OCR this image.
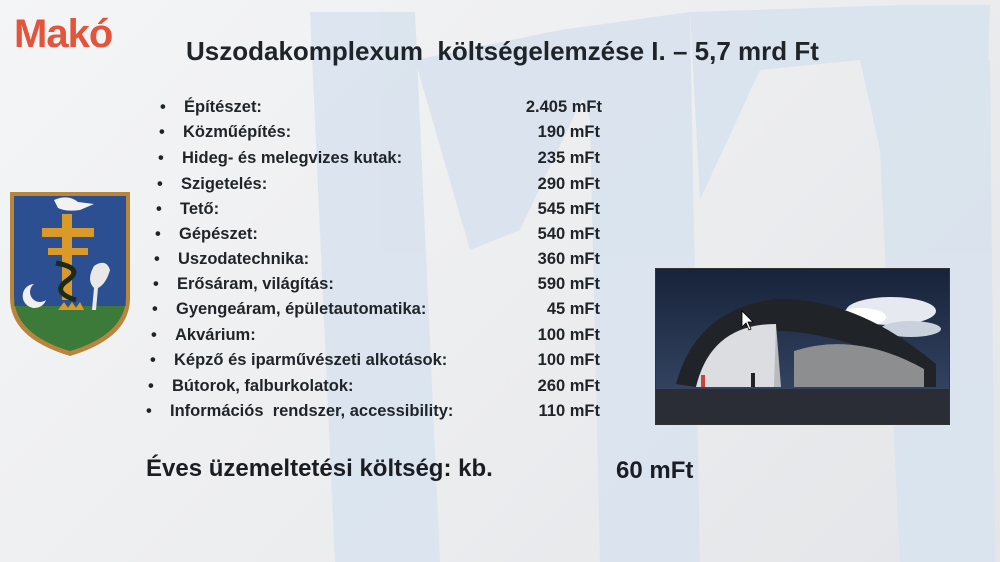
Makó	Uszodakomplexum  költségelemzése I. – 5,7 mrd Ft

•

Építészet:

	2.405 mFt

•

Közműépítés:

	190 mFt

•

Hideg- és melegvizes kutak:

	235 mFt

•

Szigetelés:

	290 mFt

•

Tető:

	545 mFt

•

Gépészet:

	540 mFt

•

Uszodatechnika:

	360 mFt

•

Erősáram, világítás:

	590 mFt

•

Gyengeáram, épületautomatika:

	45 mFt

•

Akvárium:

	100 mFt

•

Képző és iparművészeti alkotások:

	100 mFt

•

Bútorok, falburkolatok:

	260 mFt

•

Információs  rendszer, accessibility:

	110 mFt

Éves üzemeltetési költség: kb.	60 mFt
